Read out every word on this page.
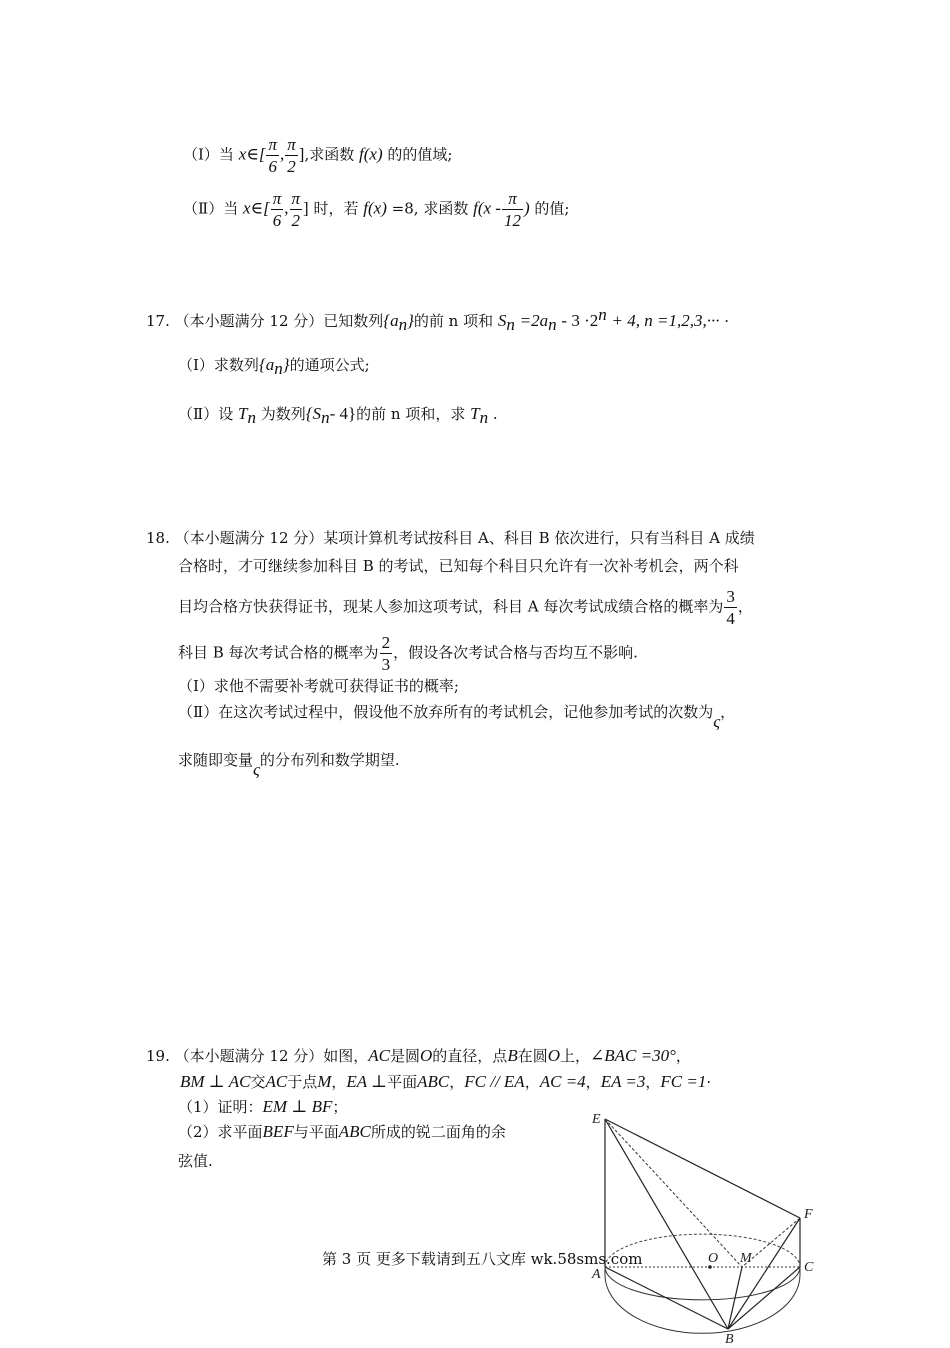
（Ⅰ）当 x∈[ $\frac{\pi}{6}$ , $\frac{\pi}{2}$ ],求函数 f(x) 的的值域;
（Ⅱ）当 x∈[ $\frac{\pi}{6}$ , $\frac{\pi}{2}$ ] 时，若 f(x) =8, 求函数 $f(x - \frac{\pi}{12}$ ) 的值;
17. （本小题满分 12 分）已知数列$\{a_n\}$的前 n 项和 $S_n =2a_n - 3 \cdot 2^n + 4$, n =1,2,3,··· ·
（Ⅰ）求数列$\{a_n\}$的通项公式;
（Ⅱ）设 $T_n$ 为数列{$S_n-$ 4}的前 n 项和，求 $T_n$ .
18. （本小题满分 12 分）某项计算机考试按科目 A、科目 B 依次进行，只有当科目 A 成绩
合格时，才可继续参加科目 B 的考试，已知每个科目只允许有一次补考机会，两个科
目均合格方快获得证书，现某人参加这项考试，科目 A 每次考试成绩合格的概率为 $\frac{3}{4}$ ，
科目 B 每次考试合格的概率为 $\frac{2}{3}$ ，假设各次考试合格与否均互不影响.
（Ⅰ）求他不需要补考就可获得证书的概率;
（Ⅱ）在这次考试过程中，假设他不放弃所有的考试机会，记他参加考试的次数为ς，
求随即变量ς的分布列和数学期望.
19. （本小题满分 12 分）如图，AC是圆O的直径，点B在圆O上，∠BAC =30°，
BM ⊥ AC交AC于点M，EA ⊥平面ABC，FC // EA，AC =4，EA =3，FC =1·
（1）证明：EM ⊥ BF；
（2）求平面BEF与平面ABC所成的锐二面角的余
弦值.
E
F
O M
A	C
B
第 3 页 更多下载请到五八文库 wk.58sms.com
